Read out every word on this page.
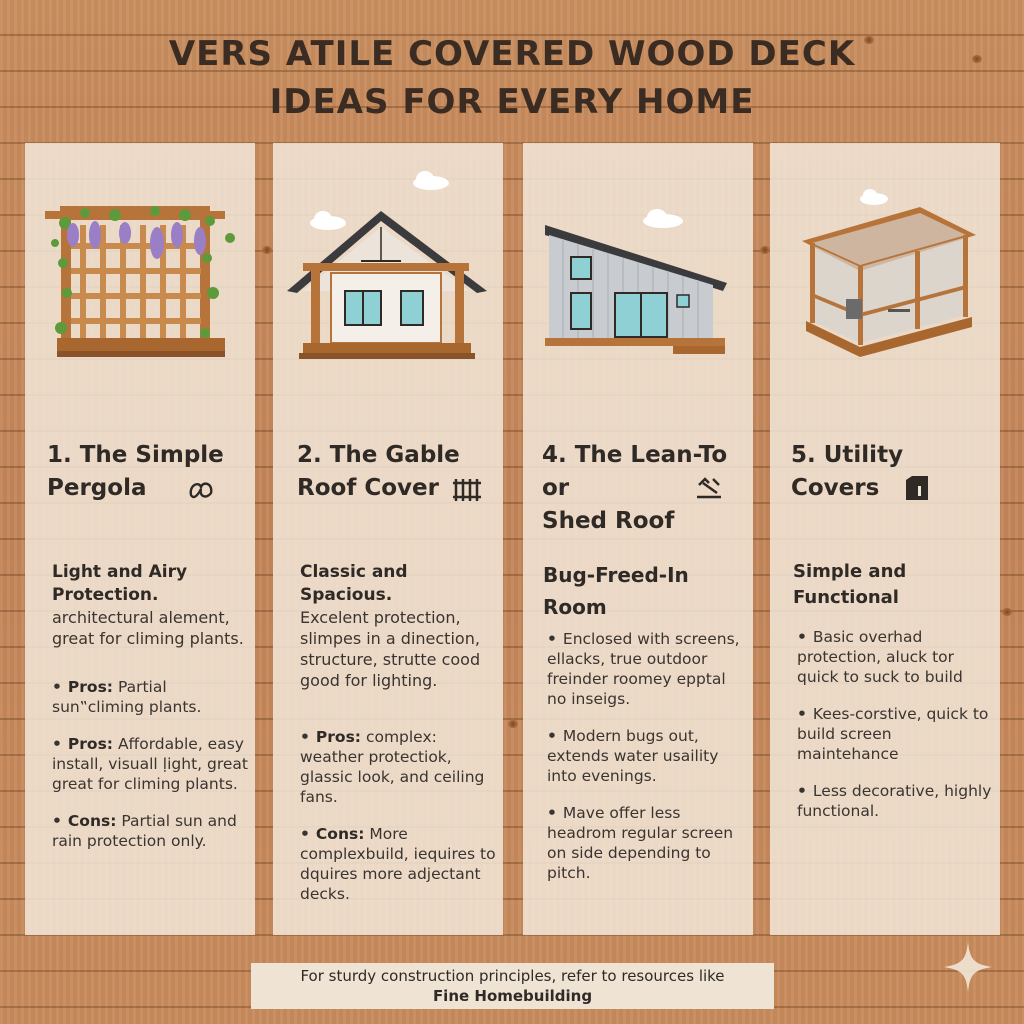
VERS ATILE COVERED WOOD DECK
IDEAS FOR EVERY HOME
1. The Simple
Pergola
Light and Airy Protection.
architectural alement, great for climing plants.
• Pros: Partial sun‟climing plants.
• Pros: Affordable, easy install, visuall ḷight, great great for climing plants.
• Cons: Partial sun and rain protection only.
2. The Gable
Roof Cover
Classic and Spacious.
Excelent protection, slimpes in a dinection, structure, strutte cood good for lighting.
• Pros: complex: weather protectiok, glassic look, and ceiling fans.
• Cons: More complexbuild, iequires to dquires more adjectant decks.
4. The Lean-To or
Shed Roof
Bug-Freed-In Room
• Enclosed with screens, ellacks, true outdoor freinder roomey epptal no inseigs.
• Modern bugs out, extends water usaility into evenings.
• Mave offer less headrom regular screen on side depending to pitch.
5. Utility
Covers
Simple and Functional
• Basic overhad protection, aluck tor quick to suck to build
• Kees-corstive, quick to build screen maintehance
• Less decorative, highly functional.
For sturdy construction principles, refer to resources like
Fine Homebuilding
